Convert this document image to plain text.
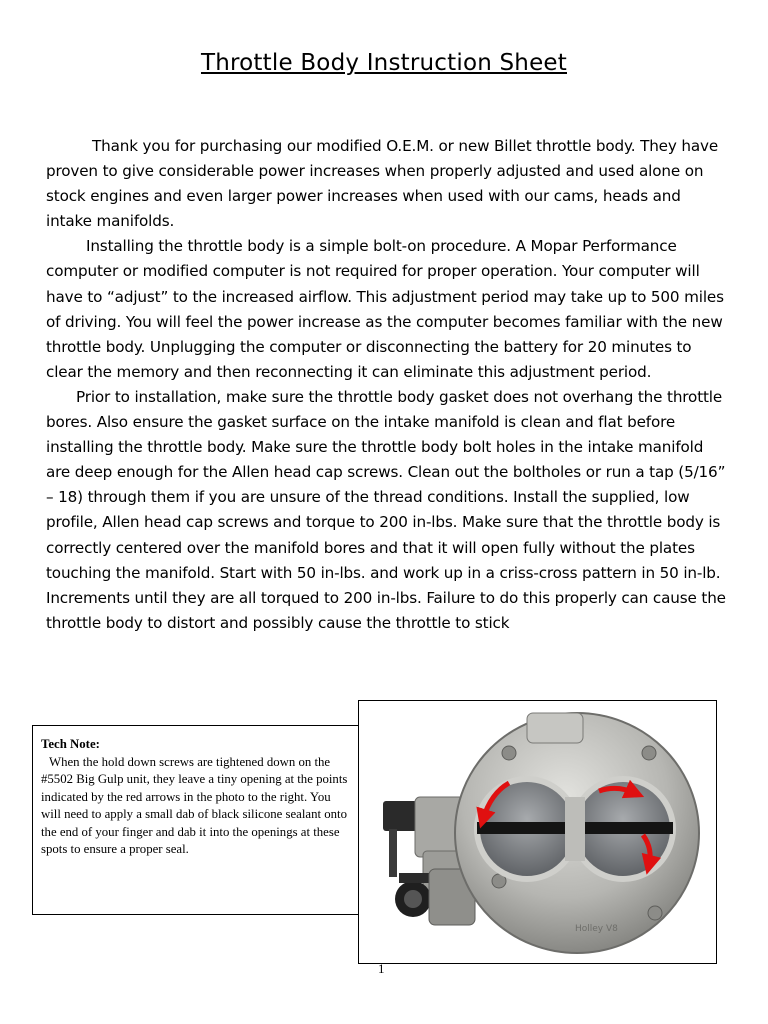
Throttle Body Instruction Sheet

Thank you for purchasing our modified O.E.M. or new Billet throttle body. They have proven to give considerable power increases when properly adjusted and used alone on stock engines and even larger power increases when used with our cams, heads and intake manifolds.

Installing the throttle body is a simple bolt-on procedure. A Mopar Performance computer or modified computer is not required for proper operation. Your computer will have to “adjust” to the increased airflow. This adjustment period may take up to 500 miles of driving. You will feel the power increase as the computer becomes familiar with the new throttle body. Unplugging the computer or disconnecting the battery for 20 minutes to clear the memory and then reconnecting it can eliminate this adjustment period.

Prior to installation, make sure the throttle body gasket does not overhang the throttle bores. Also ensure the gasket surface on the intake manifold is clean and flat before installing the throttle body. Make sure the throttle body bolt holes in the intake manifold are deep enough for the Allen head cap screws. Clean out the boltholes or run a tap (5/16” – 18) through them if you are unsure of the thread conditions. Install the supplied, low profile, Allen head cap screws and torque to 200 in-lbs. Make sure that the throttle body is correctly centered over the manifold bores and that it will open fully without the plates touching the manifold. Start with 50 in-lbs. and work up in a criss-cross pattern in 50 in-lb. Increments until they are all torqued to 200 in-lbs. Failure to do this properly can cause the throttle body to distort and possibly cause the throttle to stick

Tech Note:
When the hold down screws are tightened down on the #5502 Big Gulp unit, they leave a tiny opening at the points indicated by the red arrows in the photo to the right. You will need to apply a small dab of black silicone sealant onto the end of your finger and dab it into the openings at these spots to ensure a proper seal.
Holley V8
1
